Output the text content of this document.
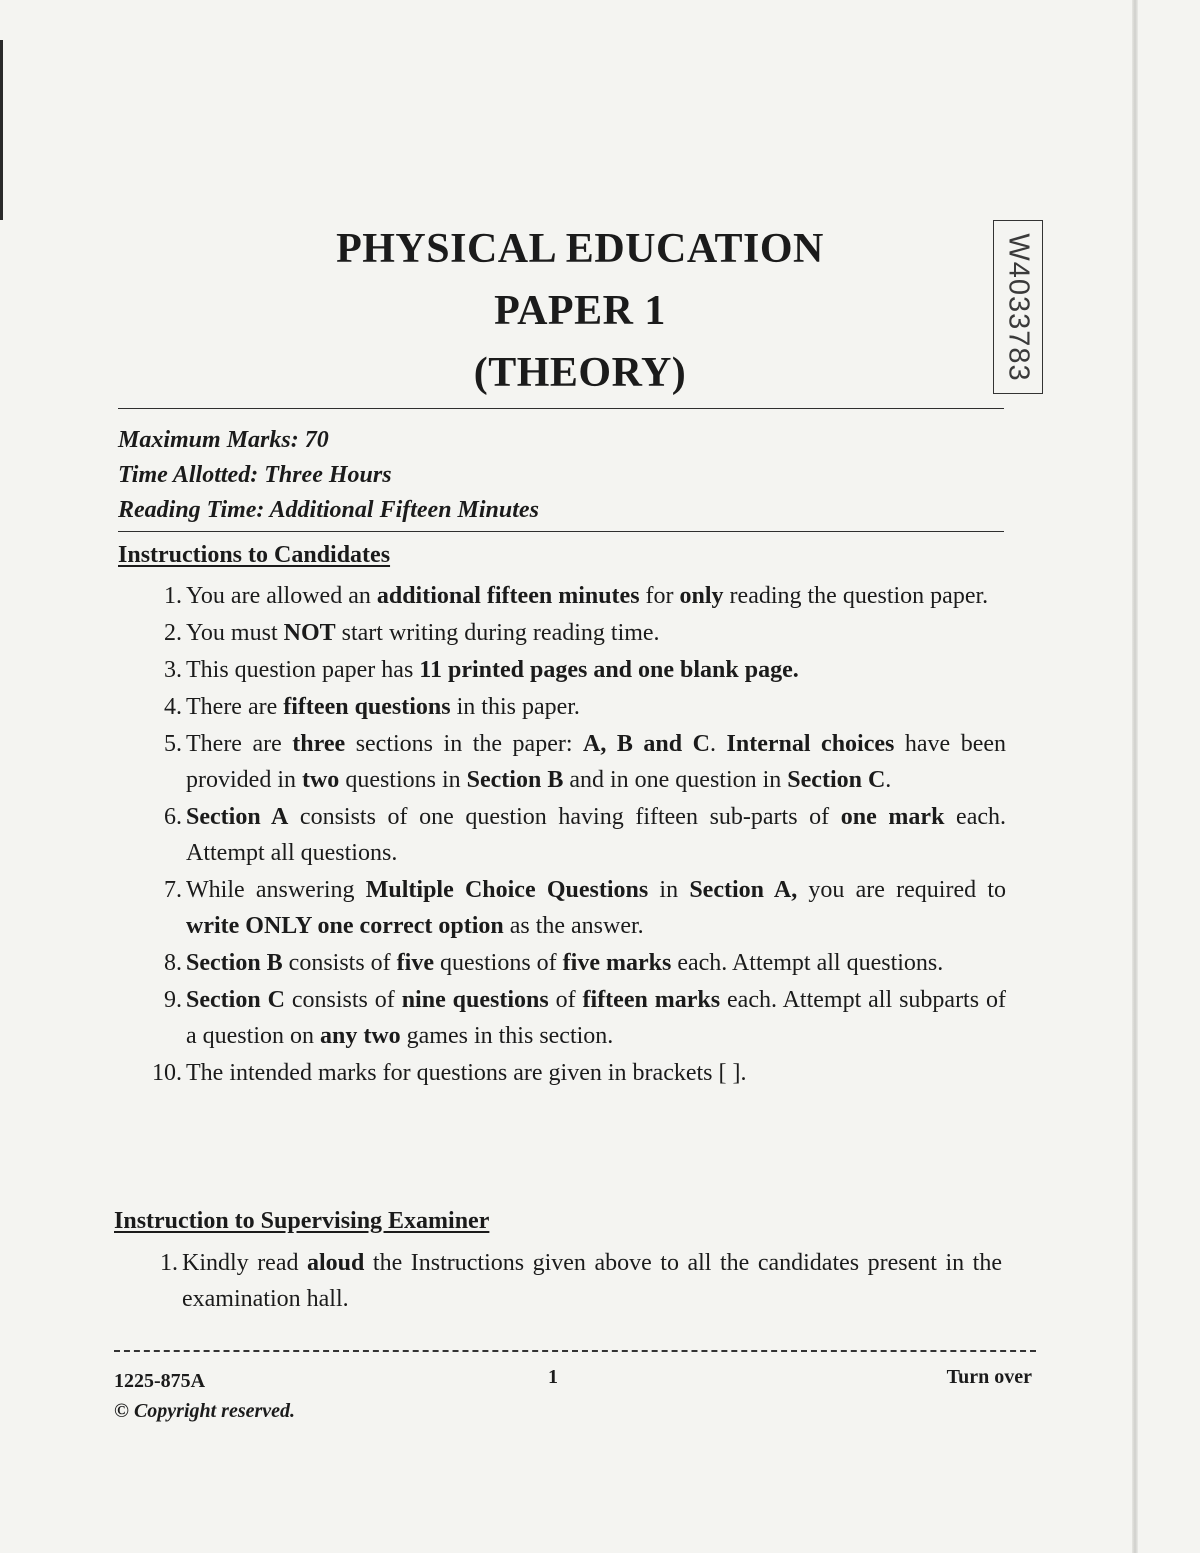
PHYSICAL EDUCATION
PAPER 1
(THEORY)	W4033783
Maximum Marks: 70
Time Allotted: Three Hours
Reading Time: Additional Fifteen Minutes
Instructions to Candidates
1. You are allowed an additional fifteen minutes for only reading the question paper.
2. You must NOT start writing during reading time.
3. This question paper has 11 printed pages and one blank page.
4. There are fifteen questions in this paper.
5. There are three sections in the paper: A, B and C. Internal choices have been provided in two questions in Section B and in one question in Section C.
6. Section A consists of one question having fifteen sub-parts of one mark each. Attempt all questions.
7. While answering Multiple Choice Questions in Section A, you are required to write ONLY one correct option as the answer.
8. Section B consists of five questions of five marks each. Attempt all questions.
9. Section C consists of nine questions of fifteen marks each. Attempt all subparts of a question on any two games in this section.
10. The intended marks for questions are given in brackets [ ].
Instruction to Supervising Examiner
1. Kindly read aloud the Instructions given above to all the candidates present in the examination hall.
1225-875A
© Copyright reserved.
1	Turn over
